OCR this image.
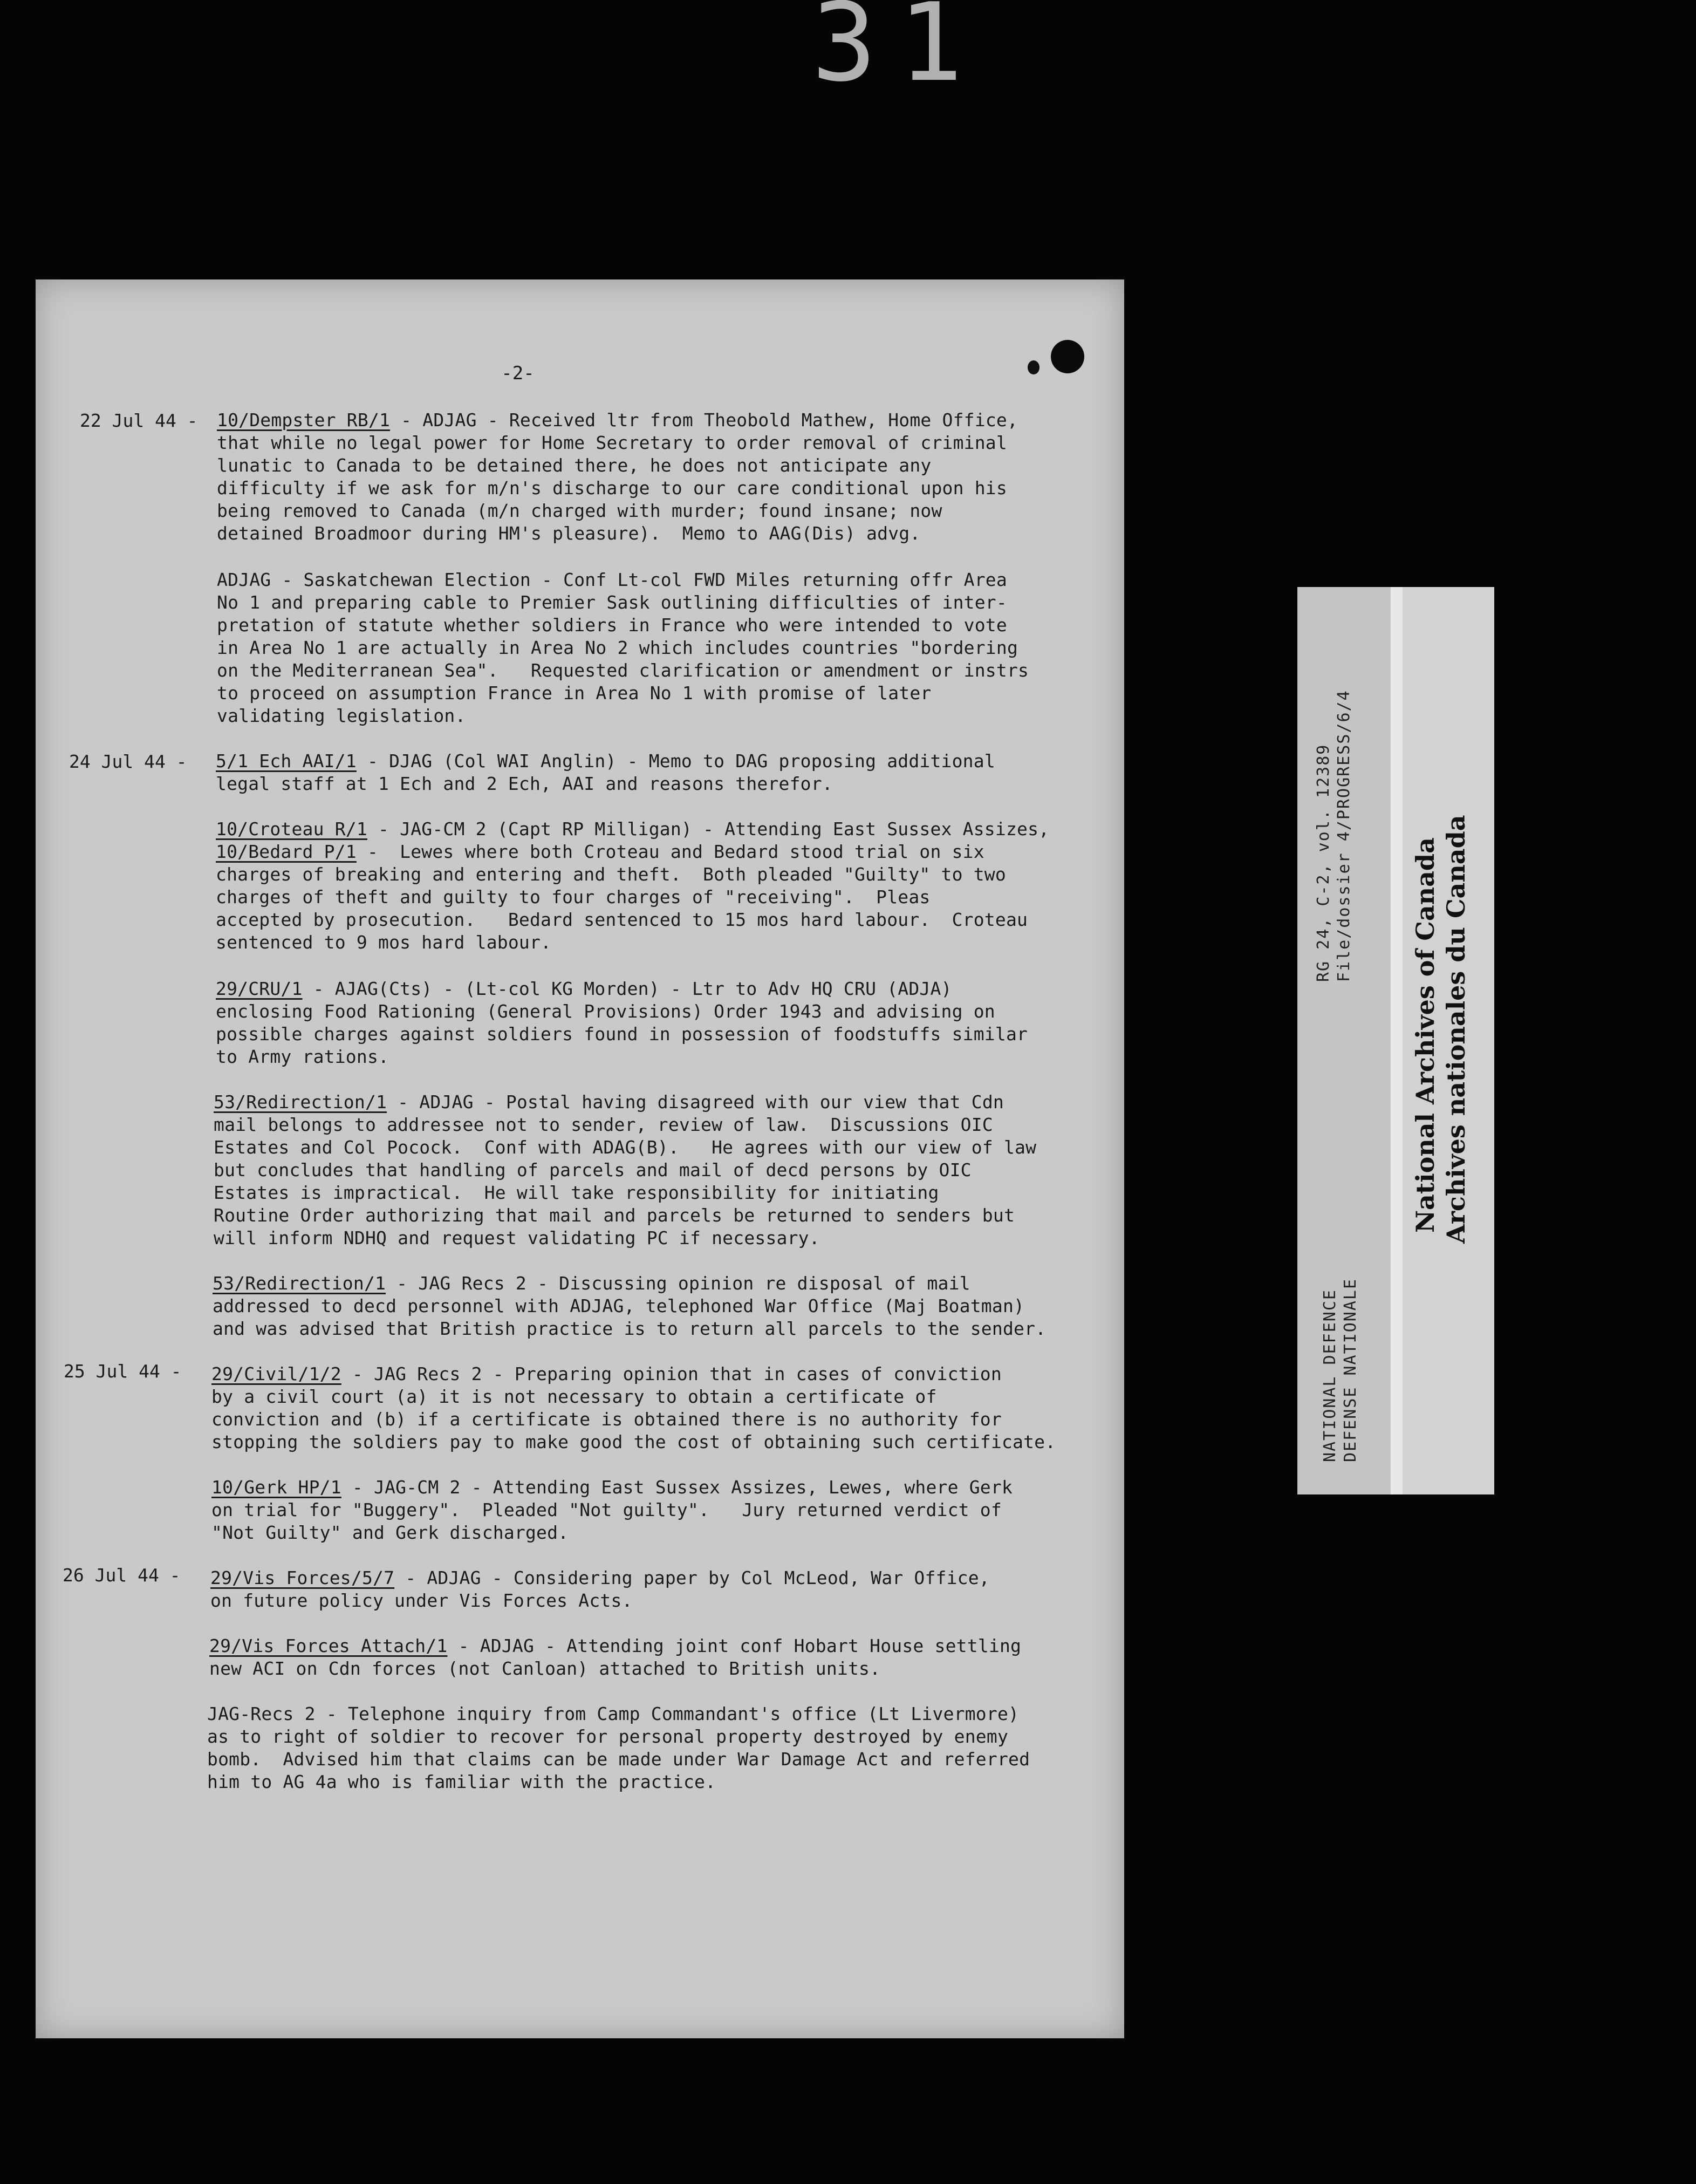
31
-2-
22 Jul 44 - 10/Dempster RB/1 - ADJAG - Received ltr from Theobold Mathew, Home Office,
that while no legal power for Home Secretary to order removal of criminal
lunatic to Canada to be detained there, he does not anticipate any
difficulty if we ask for m/n's discharge to our care conditional upon his
being removed to Canada (m/n charged with murder; found insane; now
detained Broadmoor during HM's pleasure).  Memo to AAG(Dis) advg.
ADJAG - Saskatchewan Election - Conf Lt-col FWD Miles returning offr Area
No 1 and preparing cable to Premier Sask outlining difficulties of inter-
pretation of statute whether soldiers in France who were intended to vote
in Area No 1 are actually in Area No 2 which includes countries "bordering
on the Mediterranean Sea".   Requested clarification or amendment or instrs
to proceed on assumption France in Area No 1 with promise of later
validating legislation.
24 Jul 44 - 5/1 Ech AAI/1 - DJAG (Col WAI Anglin) - Memo to DAG proposing additional
legal staff at 1 Ech and 2 Ech, AAI and reasons therefor.
10/Croteau R/1 - JAG-CM 2 (Capt RP Milligan) - Attending East Sussex Assizes,
10/Bedard P/1 -  Lewes where both Croteau and Bedard stood trial on six
charges of breaking and entering and theft.  Both pleaded "Guilty" to two
charges of theft and guilty to four charges of "receiving".  Pleas
accepted by prosecution.   Bedard sentenced to 15 mos hard labour.  Croteau
sentenced to 9 mos hard labour.
29/CRU/1 - AJAG(Cts) - (Lt-col KG Morden) - Ltr to Adv HQ CRU (ADJA)
enclosing Food Rationing (General Provisions) Order 1943 and advising on
possible charges against soldiers found in possession of foodstuffs similar
to Army rations.
53/Redirection/1 - ADJAG - Postal having disagreed with our view that Cdn
mail belongs to addressee not to sender, review of law.  Discussions OIC
Estates and Col Pocock.  Conf with ADAG(B).   He agrees with our view of law
but concludes that handling of parcels and mail of decd persons by OIC
Estates is impractical.  He will take responsibility for initiating
Routine Order authorizing that mail and parcels be returned to senders but
will inform NDHQ and request validating PC if necessary.
53/Redirection/1 - JAG Recs 2 - Discussing opinion re disposal of mail
addressed to decd personnel with ADJAG, telephoned War Office (Maj Boatman)
and was advised that British practice is to return all parcels to the sender.
25 Jul 44 - 29/Civil/1/2 - JAG Recs 2 - Preparing opinion that in cases of conviction
by a civil court (a) it is not necessary to obtain a certificate of
conviction and (b) if a certificate is obtained there is no authority for
stopping the soldiers pay to make good the cost of obtaining such certificate.
10/Gerk HP/1 - JAG-CM 2 - Attending East Sussex Assizes, Lewes, where Gerk
on trial for "Buggery".  Pleaded "Not guilty".   Jury returned verdict of
"Not Guilty" and Gerk discharged.
26 Jul 44 - 29/Vis Forces/5/7 - ADJAG - Considering paper by Col McLeod, War Office,
on future policy under Vis Forces Acts.
29/Vis Forces Attach/1 - ADJAG - Attending joint conf Hobart House settling
new ACI on Cdn forces (not Canloan) attached to British units.
JAG-Recs 2 - Telephone inquiry from Camp Commandant's office (Lt Livermore)
as to right of soldier to recover for personal property destroyed by enemy
bomb.  Advised him that claims can be made under War Damage Act and referred
him to AG 4a who is familiar with the practice.
NATIONAL DEFENCE DEFENSE NATIONALE
RG 24, C-2, vol. 12389 File/dossier 4/PROGRESS/6/4
National Archives of Canada Archives nationales du Canada
